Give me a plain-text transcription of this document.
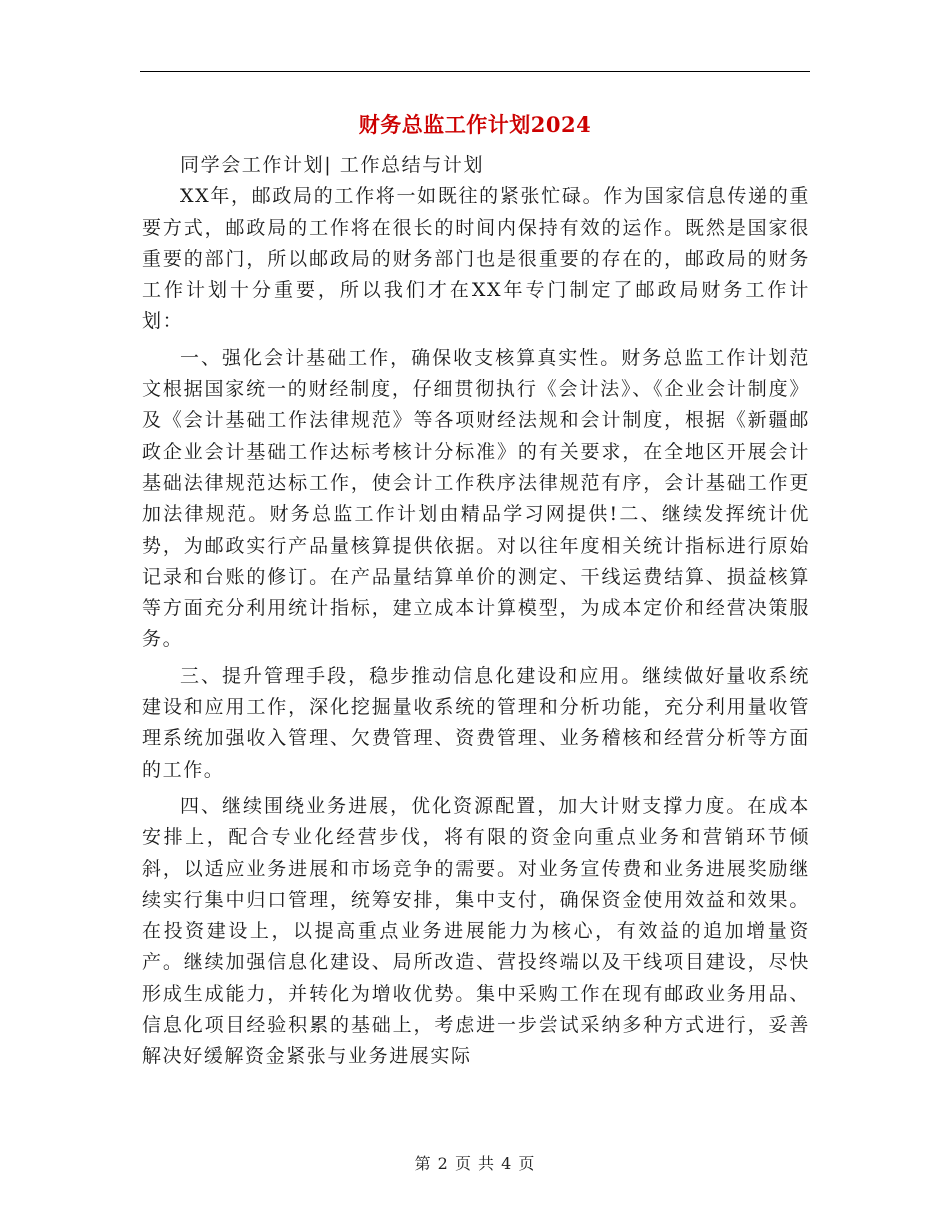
财务总监工作计划2024

同学会工作计划| 工作总结与计划

XX年，邮政局的工作将一如既往的紧张忙碌。作为国家信息传递的重要方式，邮政局的工作将在很长的时间内保持有效的运作。既然是国家很重要的部门，所以邮政局的财务部门也是很重要的存在的，邮政局的财务工作计划十分重要，所以我们才在XX年专门制定了邮政局财务工作计划：

一、强化会计基础工作，确保收支核算真实性。财务总监工作计划范文根据国家统一的财经制度，仔细贯彻执行《会计法》、《企业会计制度》及《会计基础工作法律规范》等各项财经法规和会计制度，根据《新疆邮政企业会计基础工作达标考核计分标准》的有关要求，在全地区开展会计基础法律规范达标工作，使会计工作秩序法律规范有序，会计基础工作更加法律规范。财务总监工作计划由精品学习网提供!二、继续发挥统计优势，为邮政实行产品量核算提供依据。对以往年度相关统计指标进行原始记录和台账的修订。在产品量结算单价的测定、干线运费结算、损益核算等方面充分利用统计指标，建立成本计算模型，为成本定价和经营决策服务。

三、提升管理手段，稳步推动信息化建设和应用。继续做好量收系统建设和应用工作，深化挖掘量收系统的管理和分析功能，充分利用量收管理系统加强收入管理、欠费管理、资费管理、业务稽核和经营分析等方面的工作。

四、继续围绕业务进展，优化资源配置，加大计财支撑力度。在成本安排上，配合专业化经营步伐，将有限的资金向重点业务和营销环节倾斜，以适应业务进展和市场竞争的需要。对业务宣传费和业务进展奖励继续实行集中归口管理，统筹安排，集中支付，确保资金使用效益和效果。在投资建设上，以提高重点业务进展能力为核心，有效益的追加增量资产。继续加强信息化建设、局所改造、营投终端以及干线项目建设，尽快形成生成能力，并转化为增收优势。集中采购工作在现有邮政业务用品、信息化项目经验积累的基础上，考虑进一步尝试采纳多种方式进行，妥善解决好缓解资金紧张与业务进展实际

第 2 页 共 4 页
